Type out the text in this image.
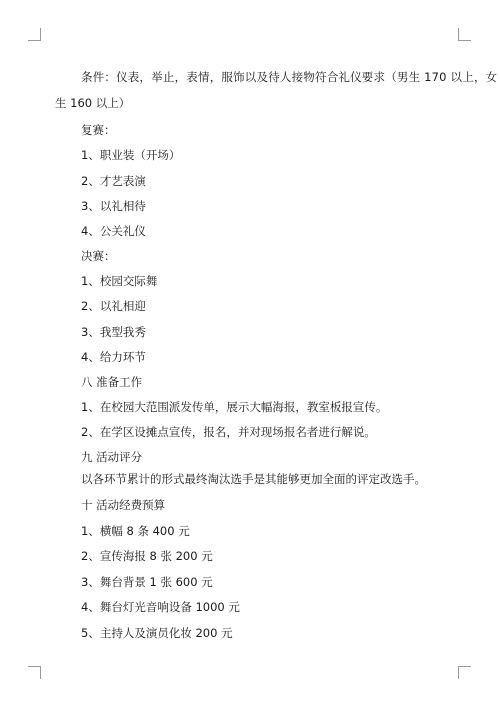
条件：仪表，举止，表情，服饰以及待人接物符合礼仪要求（男生 170 以上，女
生 160 以上）
复赛：
1、职业装（开场）
2、才艺表演
3、以礼相待
4、公关礼仪
决赛：
1、校园交际舞
2、以礼相迎
3、我型我秀
4、给力环节
八 准备工作
1、在校园大范围派发传单，展示大幅海报，教室板报宣传。
2、在学区设摊点宣传，报名，并对现场报名者进行解说。
九 活动评分
以各环节累计的形式最终淘汰选手是其能够更加全面的评定改选手。
十 活动经费预算
1、横幅 8 条 400 元
2、宣传海报 8 张 200 元
3、舞台背景 1 张 600 元
4、舞台灯光音响设备 1000 元
5、主持人及演员化妆 200 元
